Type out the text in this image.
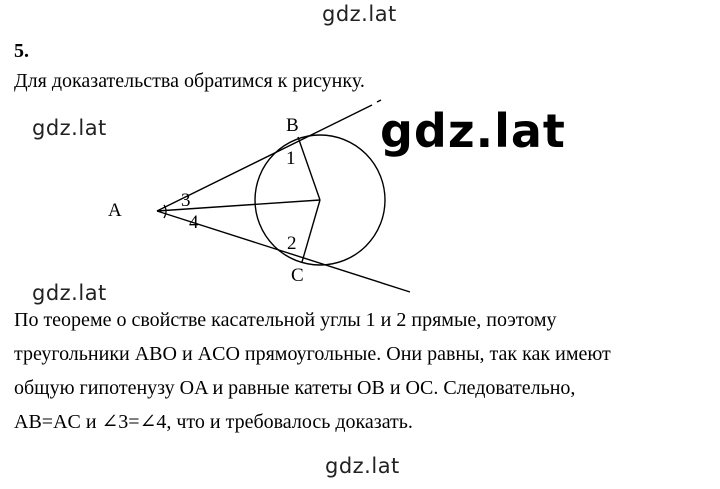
gdz.lat
5.
Для доказательства обратимся к рисунку.
gdz.lat
A
B
C
1
2
3
4
gdz.lat
gdz.lat
По теореме о свойстве касательной углы 1 и 2 прямые, поэтому
треугольники ABO и ACO прямоугольные. Они равны, так как имеют
общую гипотенузу OA и равные катеты OB и OC. Следовательно,
AB=AC и ∠3=∠4, что и требовалось доказать.
gdz.lat
